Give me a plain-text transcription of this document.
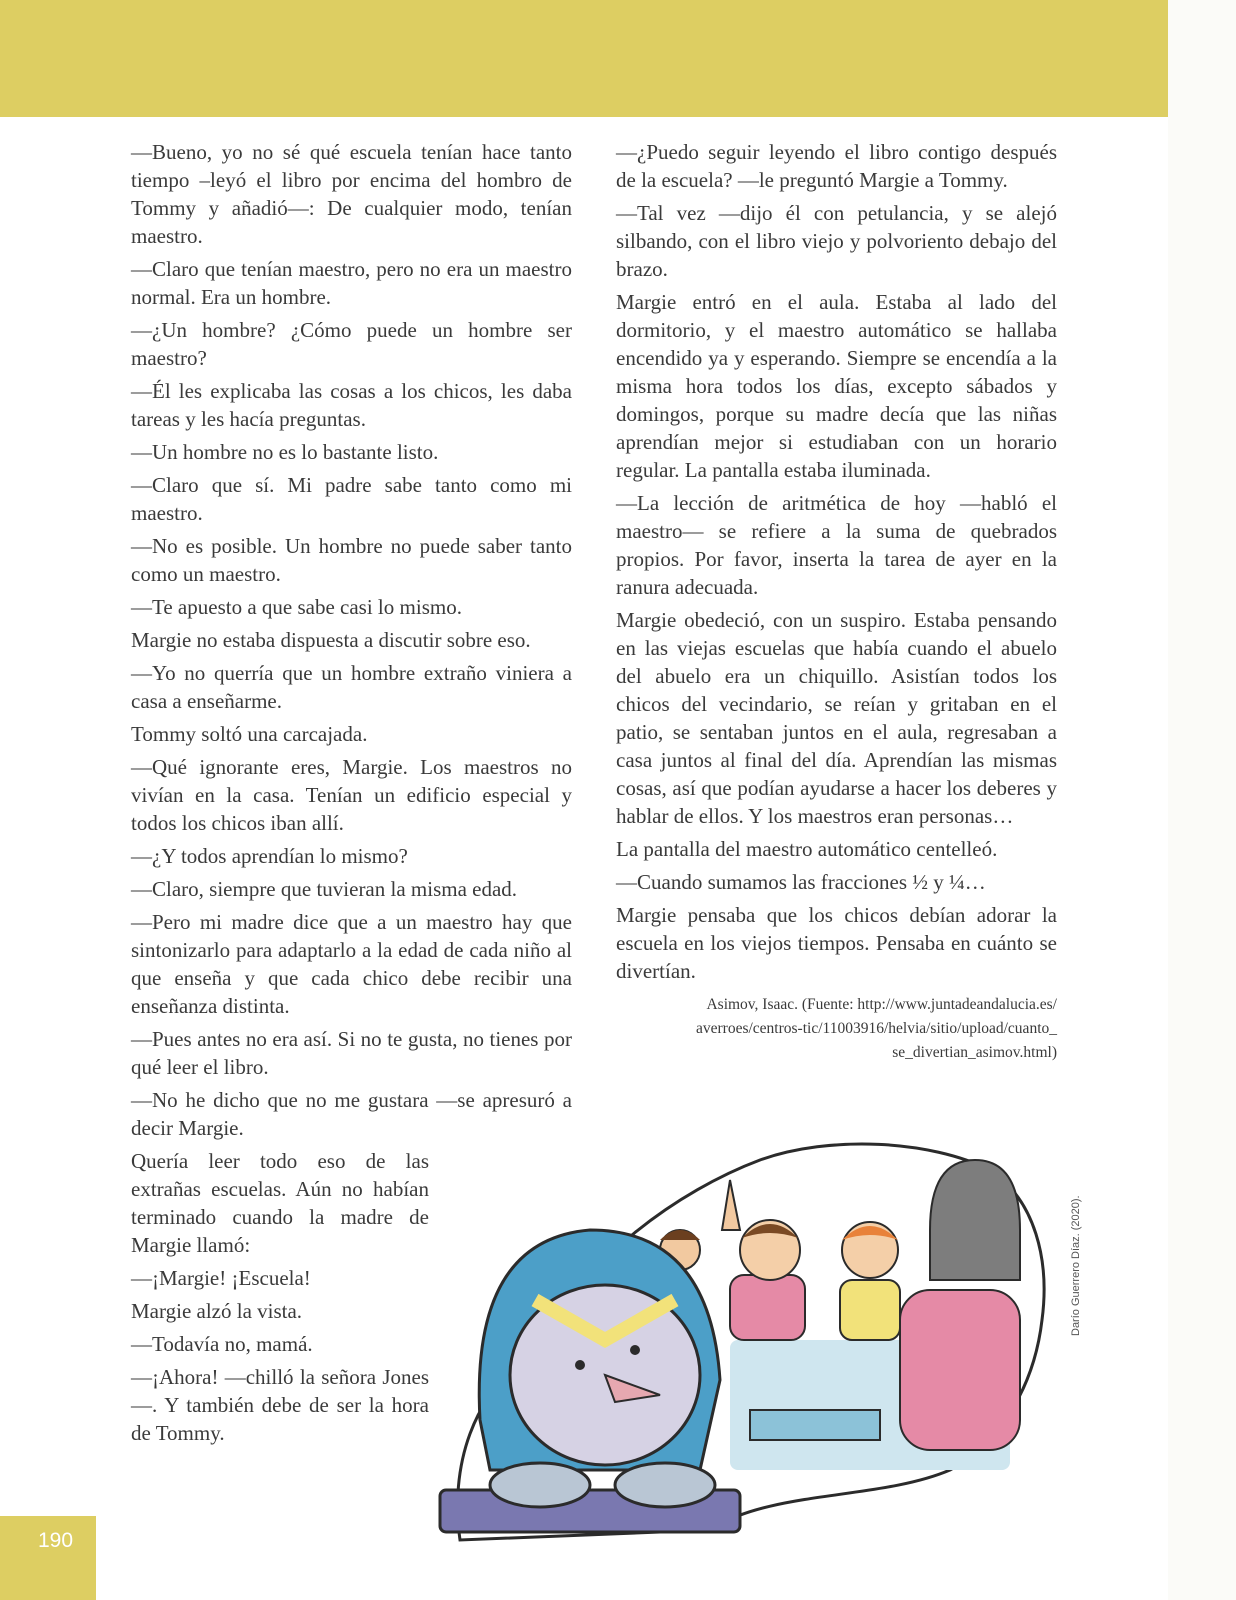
—Bueno, yo no sé qué escuela tenían hace tanto tiempo –leyó el libro por encima del hombro de Tommy y añadió—: De cualquier modo, tenían maestro.

—Claro que tenían maestro, pero no era un maestro normal. Era un hombre.

—¿Un hombre? ¿Cómo puede un hombre ser maestro?

—Él les explicaba las cosas a los chicos, les daba tareas y les hacía preguntas.

—Un hombre no es lo bastante listo.

—Claro que sí. Mi padre sabe tanto como mi maestro.

—No es posible. Un hombre no puede saber tanto como un maestro.

—Te apuesto a que sabe casi lo mismo.

Margie no estaba dispuesta a discutir sobre eso.

—Yo no querría que un hombre extraño viniera a casa a enseñarme.

Tommy soltó una carcajada.

—Qué ignorante eres, Margie. Los maestros no vivían en la casa. Tenían un edificio especial y todos los chicos iban allí.

—¿Y todos aprendían lo mismo?

—Claro, siempre que tuvieran la misma edad.

—Pero mi madre dice que a un maestro hay que sintonizarlo para adaptarlo a la edad de cada niño al que enseña y que cada chico debe recibir una enseñanza distinta.

—Pues antes no era así. Si no te gusta, no tienes por qué leer el libro.

—No he dicho que no me gustara —se apresuró a decir Margie.

Quería leer todo eso de las extrañas escuelas. Aún no habían terminado cuando la madre de Margie llamó:

—¡Margie! ¡Escuela!

Margie alzó la vista.

—Todavía no, mamá.

—¡Ahora! —chilló la señora Jones—. Y también debe de ser la hora de Tommy.

—¿Puedo seguir leyendo el libro contigo después de la escuela? —le preguntó Margie a Tommy.

—Tal vez —dijo él con petulancia, y se alejó silbando, con el libro viejo y polvoriento debajo del brazo.

Margie entró en el aula. Estaba al lado del dormitorio, y el maestro automático se hallaba encendido ya y esperando. Siempre se encendía a la misma hora todos los días, excepto sábados y domingos, porque su madre decía que las niñas aprendían mejor si estudiaban con un horario regular. La pantalla estaba iluminada.

—La lección de aritmética de hoy —habló el maestro— se refiere a la suma de quebrados propios. Por favor, inserta la tarea de ayer en la ranura adecuada.

Margie obedeció, con un suspiro. Estaba pensando en las viejas escuelas que había cuando el abuelo del abuelo era un chiquillo. Asistían todos los chicos del vecindario, se reían y gritaban en el patio, se sentaban juntos en el aula, regresaban a casa juntos al final del día. Aprendían las mismas cosas, así que podían ayudarse a hacer los deberes y hablar de ellos. Y los maestros eran personas…

La pantalla del maestro automático centelleó.

—Cuando sumamos las fracciones ½ y ¼…

Margie pensaba que los chicos debían adorar la escuela en los viejos tiempos. Pensaba en cuánto se divertían.

Asimov, Isaac. (Fuente: http://www.juntadeandalucia.es/
averroes/centros-tic/11003916/helvia/sitio/upload/cuanto_
se_divertian_asimov.html)
Darío Guerrero Díaz. (2020).
190
